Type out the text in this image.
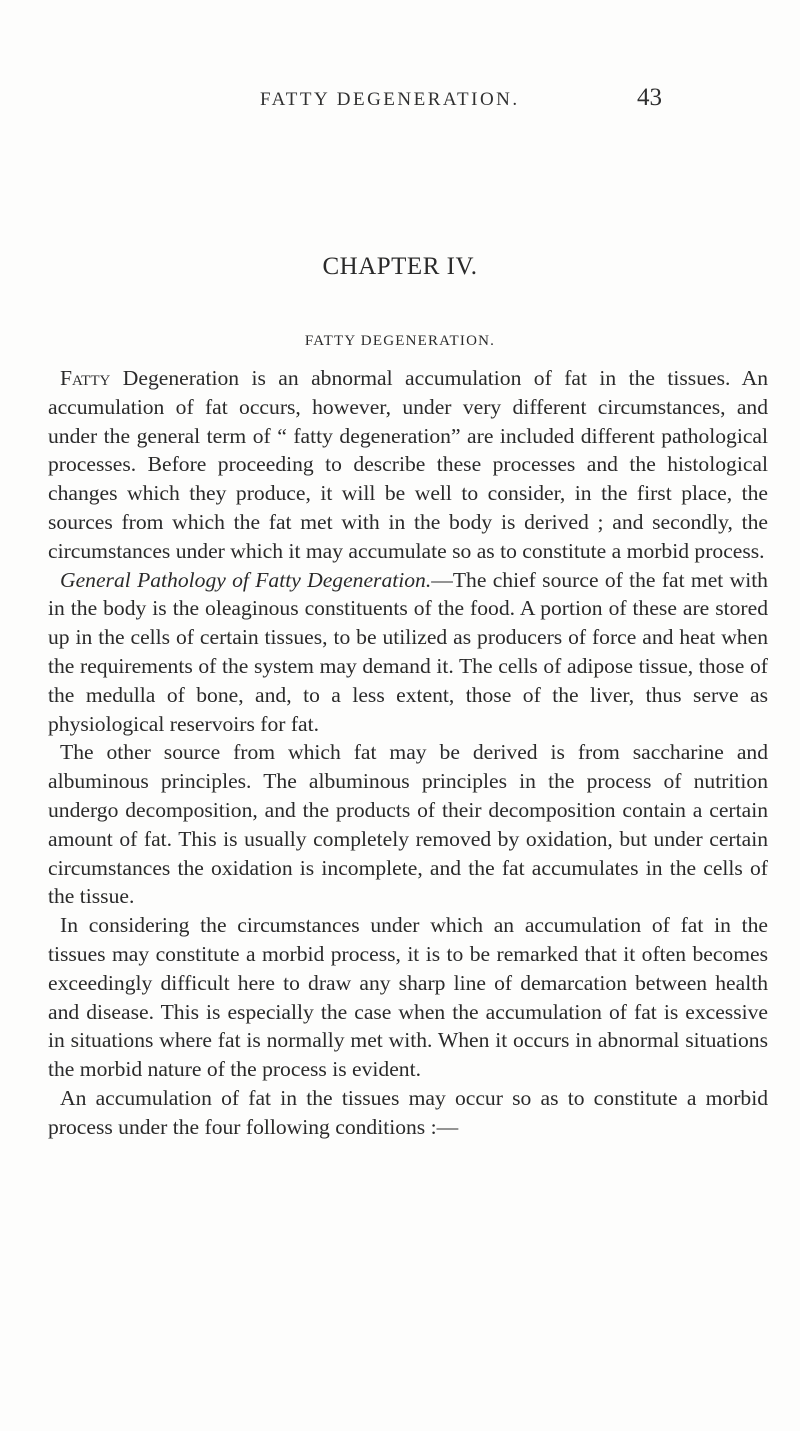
FATTY DEGENERATION.	43
CHAPTER IV.
FATTY DEGENERATION.

Fatty Degeneration is an abnormal accumulation of fat in the tissues. An accumulation of fat occurs, however, under very different circumstances, and under the general term of “ fatty degeneration” are included different pathological processes. Before proceeding to describe these processes and the histological changes which they produce, it will be well to consider, in the first place, the sources from which the fat met with in the body is derived ; and secondly, the circumstances under which it may accumulate so as to constitute a morbid process.

General Pathology of Fatty Degeneration.—The chief source of the fat met with in the body is the oleaginous constituents of the food. A portion of these are stored up in the cells of certain tissues, to be utilized as producers of force and heat when the requirements of the system may demand it. The cells of adipose tissue, those of the medulla of bone, and, to a less extent, those of the liver, thus serve as physiological reservoirs for fat.

The other source from which fat may be derived is from saccharine and albuminous principles. The albuminous principles in the process of nutrition undergo decomposition, and the products of their decomposition contain a certain amount of fat. This is usually completely removed by oxidation, but under certain circumstances the oxidation is incomplete, and the fat accumulates in the cells of the tissue.

In considering the circumstances under which an accumulation of fat in the tissues may constitute a morbid process, it is to be remarked that it often becomes exceedingly difficult here to draw any sharp line of demarcation between health and disease. This is especially the case when the accumulation of fat is excessive in situations where fat is normally met with. When it occurs in abnormal situations the morbid nature of the process is evident.

An accumulation of fat in the tissues may occur so as to constitute a morbid process under the four following conditions :—
